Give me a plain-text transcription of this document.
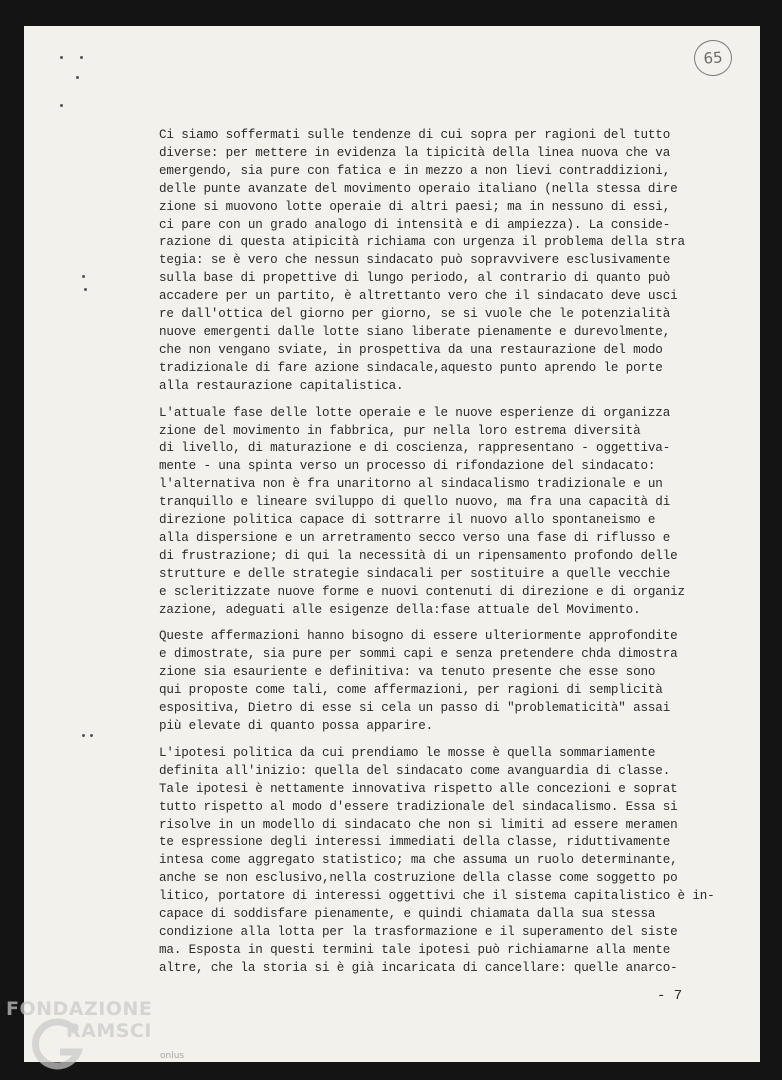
65
Ci siamo soffermati sulle tendenze di cui sopra per ragioni del tutto
diverse: per mettere in evidenza la tipicità della linea nuova che va
emergendo, sia pure con fatica e in mezzo a non lievi contraddizioni,
delle punte avanzate del movimento operaio italiano (nella stessa dire
zione si muovono lotte operaie di altri paesi; ma in nessuno di essi,
ci pare con un grado analogo di intensità e di ampiezza). La conside-
razione di questa atipicità richiama con urgenza il problema della stra
tegia: se è vero che nessun sindacato può sopravvivere esclusivamente
sulla base di propettive di lungo periodo, al contrario di quanto può
accadere per un partito, è altrettanto vero che il sindacato deve usci
re dall'ottica del giorno per giorno, se si vuole che le potenzialità
nuove emergenti dalle lotte siano liberate pienamente e durevolmente,
che non vengano sviate, in prospettiva da una restaurazione del modo
tradizionale di fare azione sindacale,aquesto punto aprendo le porte
alla restaurazione capitalistica.
L'attuale fase delle lotte operaie e le nuove esperienze di organizza
zione del movimento in fabbrica, pur nella loro estrema diversità
di livello, di maturazione e di coscienza, rappresentano - oggettiva-
mente - una spinta verso un processo di rifondazione del sindacato:
l'alternativa non è fra unaritorno al sindacalismo tradizionale e un
tranquillo e lineare sviluppo di quello nuovo, ma fra una capacità di
direzione politica capace di sottrarre il nuovo allo spontaneismo e
alla dispersione e un arretramento secco verso una fase di riflusso e
di frustrazione; di qui la necessità di un ripensamento profondo delle
strutture e delle strategie sindacali per sostituire a quelle vecchie
e scleritizzate nuove forme e nuovi contenuti di direzione e di organiz
zazione, adeguati alle esigenze della:fase attuale del Movimento.
Queste affermazioni hanno bisogno di essere ulteriormente approfondite
e dimostrate, sia pure per sommi capi e senza pretendere chda dimostra
zione sia esauriente e definitiva: va tenuto presente che esse sono
qui proposte come tali, come affermazioni, per ragioni di semplicità
espositiva, Dietro di esse si cela un passo di "problematicità" assai
più elevate di quanto possa apparire.
L'ipotesi politica da cui prendiamo le mosse è quella sommariamente
definita all'inizio: quella del sindacato come avanguardia di classe.
Tale ipotesi è nettamente innovativa rispetto alle concezioni e soprat
tutto rispetto al modo d'essere tradizionale del sindacalismo. Essa si
risolve in un modello di sindacato che non si limiti ad essere meramen
te espressione degli interessi immediati della classe, riduttivamente
intesa come aggregato statistico; ma che assuma un ruolo determinante,
anche se non esclusivo,nella costruzione della classe come soggetto po
litico, portatore di interessi oggettivi che il sistema capitalistico è in-
capace di soddisfare pienamente, e quindi chiamata dalla sua stessa
condizione alla lotta per la trasformazione e il superamento del siste
ma. Esposta in questi termini tale ipotesi può richiamarne alla mente
altre, che la storia si è già incaricata di cancellare: quelle anarco-
- 7
FONDAZIONE
RAMSCI
onlus
